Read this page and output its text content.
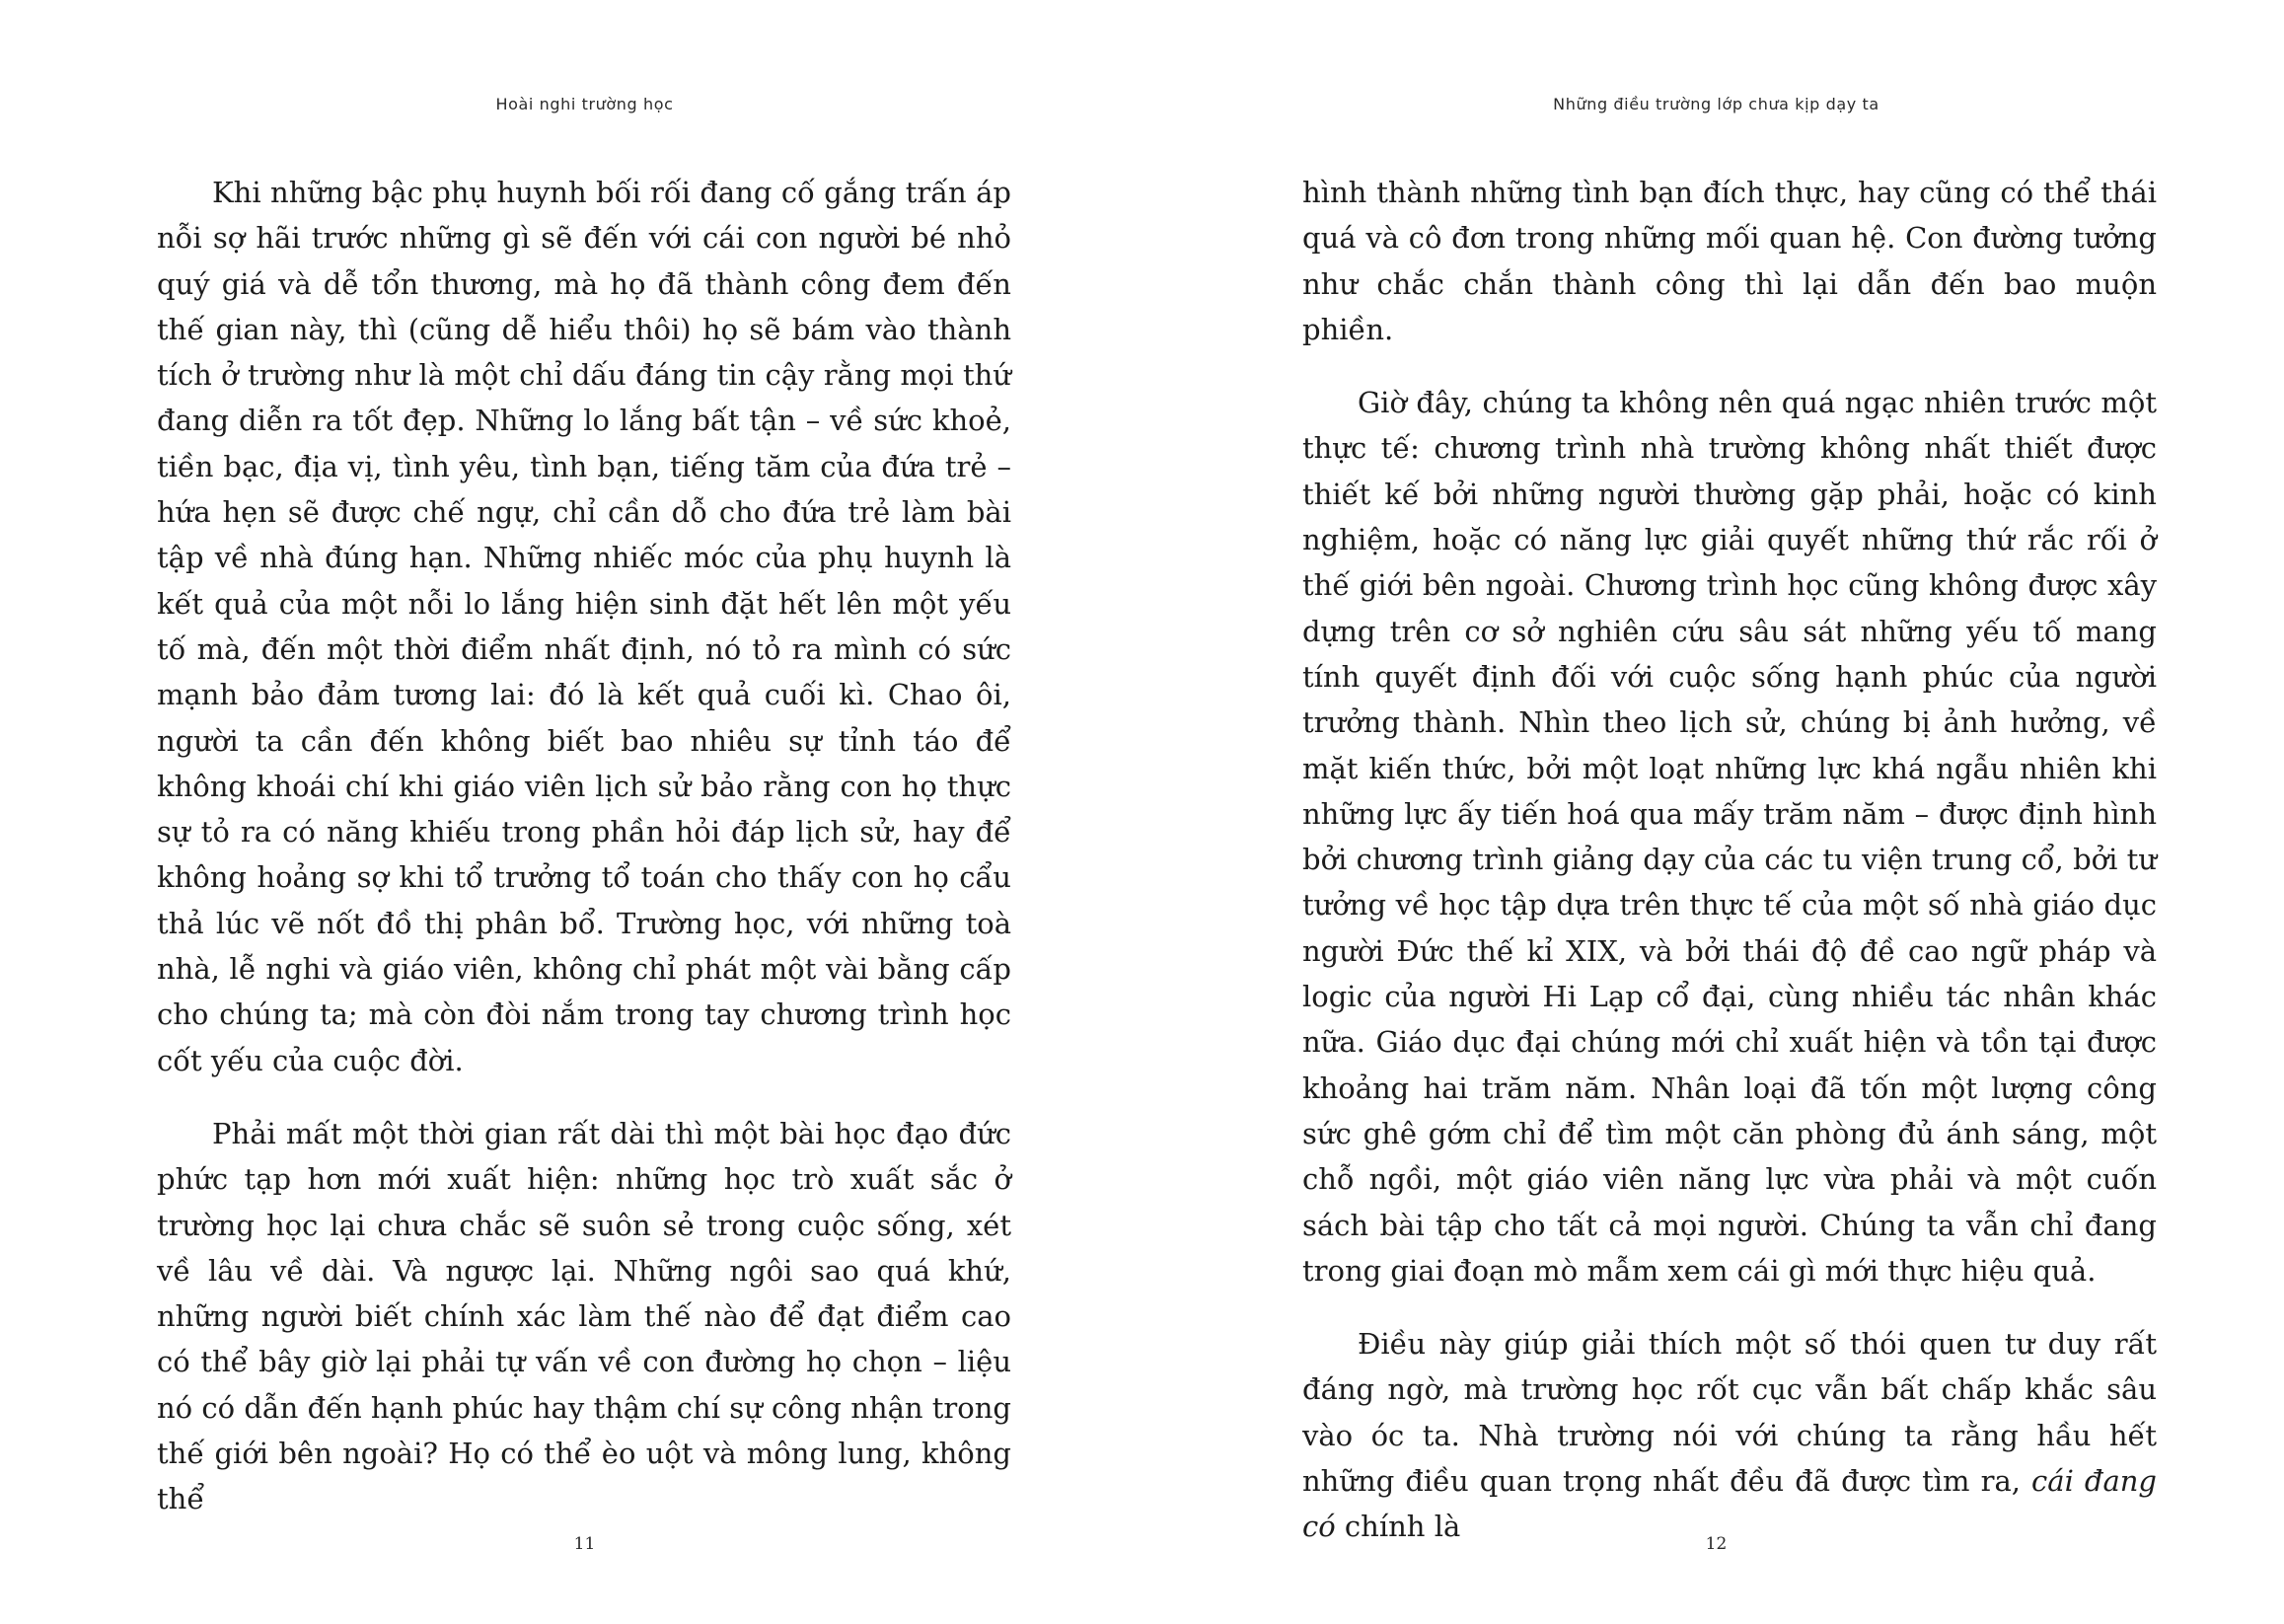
Hoài nghi trường học

Khi những bậc phụ huynh bối rối đang cố gắng trấn áp nỗi sợ hãi trước những gì sẽ đến với cái con người bé nhỏ quý giá và dễ tổn thương, mà họ đã thành công đem đến thế gian này, thì (cũng dễ hiểu thôi) họ sẽ bám vào thành tích ở trường như là một chỉ dấu đáng tin cậy rằng mọi thứ đang diễn ra tốt đẹp. Những lo lắng bất tận – về sức khoẻ, tiền bạc, địa vị, tình yêu, tình bạn, tiếng tăm của đứa trẻ – hứa hẹn sẽ được chế ngự, chỉ cần dỗ cho đứa trẻ làm bài tập về nhà đúng hạn. Những nhiếc móc của phụ huynh là kết quả của một nỗi lo lắng hiện sinh đặt hết lên một yếu tố mà, đến một thời điểm nhất định, nó tỏ ra mình có sức mạnh bảo đảm tương lai: đó là kết quả cuối kì. Chao ôi, người ta cần đến không biết bao nhiêu sự tỉnh táo để không khoái chí khi giáo viên lịch sử bảo rằng con họ thực sự tỏ ra có năng khiếu trong phần hỏi đáp lịch sử, hay để không hoảng sợ khi tổ trưởng tổ toán cho thấy con họ cẩu thả lúc vẽ nốt đồ thị phân bổ. Trường học, với những toà nhà, lễ nghi và giáo viên, không chỉ phát một vài bằng cấp cho chúng ta; mà còn đòi nắm trong tay chương trình học cốt yếu của cuộc đời.

Phải mất một thời gian rất dài thì một bài học đạo đức phức tạp hơn mới xuất hiện: những học trò xuất sắc ở trường học lại chưa chắc sẽ suôn sẻ trong cuộc sống, xét về lâu về dài. Và ngược lại. Những ngôi sao quá khứ, những người biết chính xác làm thế nào để đạt điểm cao có thể bây giờ lại phải tự vấn về con đường họ chọn – liệu nó có dẫn đến hạnh phúc hay thậm chí sự công nhận trong thế giới bên ngoài? Họ có thể èo uột và mông lung, không thể

11
Những điều trường lớp chưa kịp dạy ta

hình thành những tình bạn đích thực, hay cũng có thể thái quá và cô đơn trong những mối quan hệ. Con đường tưởng như chắc chắn thành công thì lại dẫn đến bao muộn phiền.

Giờ đây, chúng ta không nên quá ngạc nhiên trước một thực tế: chương trình nhà trường không nhất thiết được thiết kế bởi những người thường gặp phải, hoặc có kinh nghiệm, hoặc có năng lực giải quyết những thứ rắc rối ở thế giới bên ngoài. Chương trình học cũng không được xây dựng trên cơ sở nghiên cứu sâu sát những yếu tố mang tính quyết định đối với cuộc sống hạnh phúc của người trưởng thành. Nhìn theo lịch sử, chúng bị ảnh hưởng, về mặt kiến thức, bởi một loạt những lực khá ngẫu nhiên khi những lực ấy tiến hoá qua mấy trăm năm – được định hình bởi chương trình giảng dạy của các tu viện trung cổ, bởi tư tưởng về học tập dựa trên thực tế của một số nhà giáo dục người Đức thế kỉ XIX, và bởi thái độ đề cao ngữ pháp và logic của người Hi Lạp cổ đại, cùng nhiều tác nhân khác nữa. Giáo dục đại chúng mới chỉ xuất hiện và tồn tại được khoảng hai trăm năm. Nhân loại đã tốn một lượng công sức ghê gớm chỉ để tìm một căn phòng đủ ánh sáng, một chỗ ngồi, một giáo viên năng lực vừa phải và một cuốn sách bài tập cho tất cả mọi người. Chúng ta vẫn chỉ đang trong giai đoạn mò mẫm xem cái gì mới thực hiệu quả.

Điều này giúp giải thích một số thói quen tư duy rất đáng ngờ, mà trường học rốt cục vẫn bất chấp khắc sâu vào óc ta. Nhà trường nói với chúng ta rằng hầu hết những điều quan trọng nhất đều đã được tìm ra, cái đang có chính là

12
